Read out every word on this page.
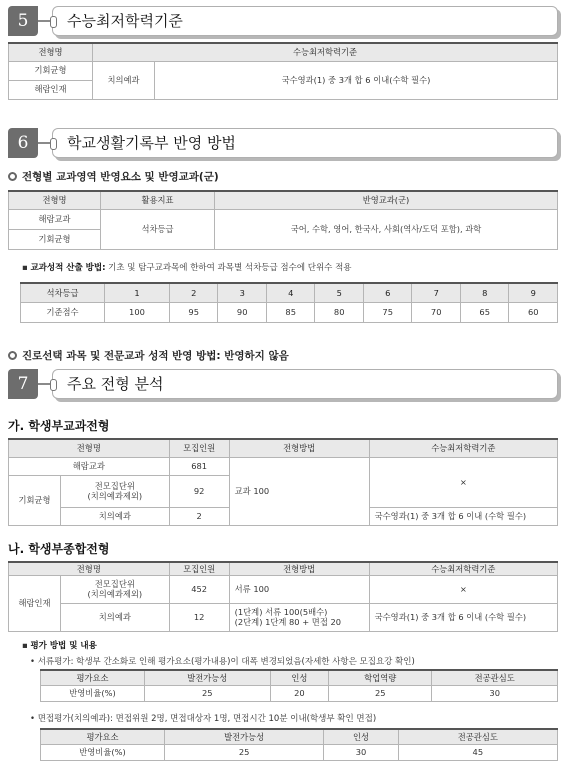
5	수능최저학력기준
전형명	수능최저학력기준	
기회균형	치의예과	국수영과(1) 중 3개 합 6 이내(수학 필수)
해람인재		
6	학교생활기록부 반영 방법
전형별 교과영역 반영요소 및 반영교과(군)
전형명	활용지표	반영교과(군)
해람교과	석차등급	국어, 수학, 영어, 한국사, 사회(역사/도덕 포함), 과학
기회균형		
▪ 교과성적 산출 방법: 기초 및 탐구교과목에 한하여 과목별 석차등급 점수에 단위수 적용
석차등급	1	2	3	4	5	6	7	8	9
기준점수	100	95	90	85	80	75	70	65	60
진로선택 과목 및 전문교과 성적 반영 방법: 반영하지 않음
7	주요 전형 분석
가. 학생부교과전형
전형명		모집인원	전형방법	수능최저학력기준
해람교과		681	교과 100	×
기회균형	전모집단위
(치의예과제외)	92		
	치의예과	2		국수영과(1) 중 3개 합 6 이내 (수학 필수)
나. 학생부종합전형
전형명		모집인원	전형방법	수능최저학력기준
해람인재	전모집단위
(치의예과제외)	452	서류 100	×
	치의예과	12	(1단계) 서류 100(5배수)
(2단계) 1단계 80 + 면접 20	국수영과(1) 중 3개 합 6 이내 (수학 필수)
▪ 평가 방법 및 내용
• 서류평가: 학생부 간소화로 인해 평가요소(평가내용)이 대폭 변경되었음(자세한 사항은 모집요강 확인)
평가요소	발전가능성	인성	학업역량	전공관심도
반영비율(%)	25	20	25	30
• 면접평가(치의예과): 면접위원 2명, 면접대상자 1명, 면접시간 10분 이내(학생부 확인 면접)
평가요소	발전가능성	인성	전공관심도
반영비율(%)	25	30	45
